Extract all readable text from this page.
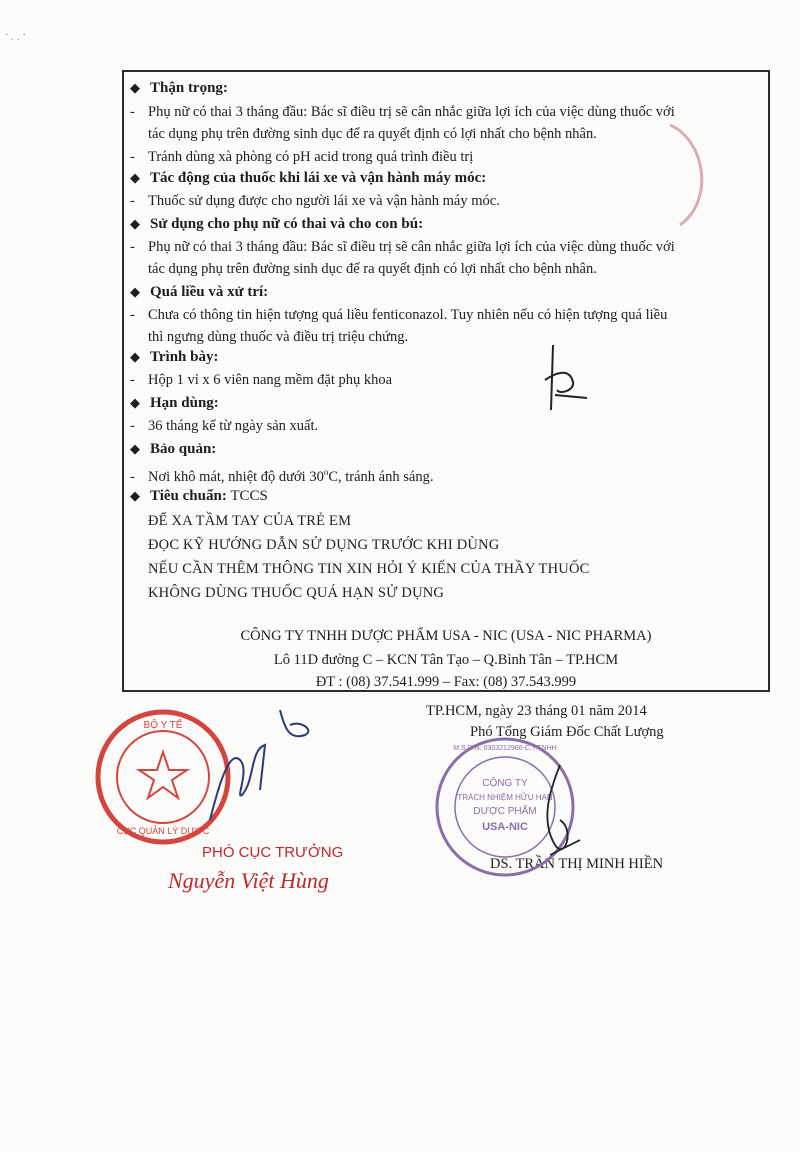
· ˏ ˎ ·
◆ Thận trọng:
- Phụ nữ có thai 3 tháng đầu: Bác sĩ điều trị sẽ cân nhắc giữa lợi ích của việc dùng thuốc với
tác dụng phụ trên đường sinh dục để ra quyết định có lợi nhất cho bệnh nhân.
- Tránh dùng xà phòng có pH acid trong quá trình điều trị
◆ Tác động của thuốc khi lái xe và vận hành máy móc:
- Thuốc sử dụng được cho người lái xe và vận hành máy móc.
◆ Sử dụng cho phụ nữ có thai và cho con bú:
- Phụ nữ có thai 3 tháng đầu: Bác sĩ điều trị sẽ cân nhắc giữa lợi ích của việc dùng thuốc với
tác dụng phụ trên đường sinh dục để ra quyết định có lợi nhất cho bệnh nhân.
◆ Quá liều và xử trí:
- Chưa có thông tin hiện tượng quá liều fenticonazol. Tuy nhiên nếu có hiện tượng quá liều
thì ngưng dùng thuốc và điều trị triệu chứng.
◆ Trình bày:
- Hộp 1 vỉ x 6 viên nang mềm đặt phụ khoa
◆ Hạn dùng:
- 36 tháng kể từ ngày sản xuất.
◆ Bảo quản:
- Nơi khô mát, nhiệt độ dưới 30$^o$C, tránh ánh sáng.
◆ Tiêu chuẩn: TCCS
ĐỂ XA TẦM TAY CỦA TRẺ EM
ĐỌC KỸ HƯỚNG DẪN SỬ DỤNG TRƯỚC KHI DÙNG
NẾU CẦN THÊM THÔNG TIN XIN HỎI Ý KIẾN CỦA THẦY THUỐC
KHÔNG DÙNG THUỐC QUÁ HẠN SỬ DỤNG
CÔNG TY TNHH DƯỢC PHẨM USA - NIC (USA - NIC PHARMA)
Lô 11D đường C – KCN Tân Tạo – Q.Bình Tân – TP.HCM
ĐT : (08) 37.541.999 – Fax: (08) 37.543.999
TP.HCM, ngày 23 tháng 01 năm 2014
Phó Tổng Giám Đốc Chất Lượng
DS. TRẦN THỊ MINH HIỀN
BỘ Y TẾ
CỤC QUẢN LÝ DƯỢC
PHÓ CỤC TRƯỞNG
Nguyễn Việt Hùng
CÔNG TY
TRÁCH NHIỆM HỮU HẠN
DƯỢC PHẨM
USA-NIC
M.S.D.N: 0303212966-C.T.TNHH
